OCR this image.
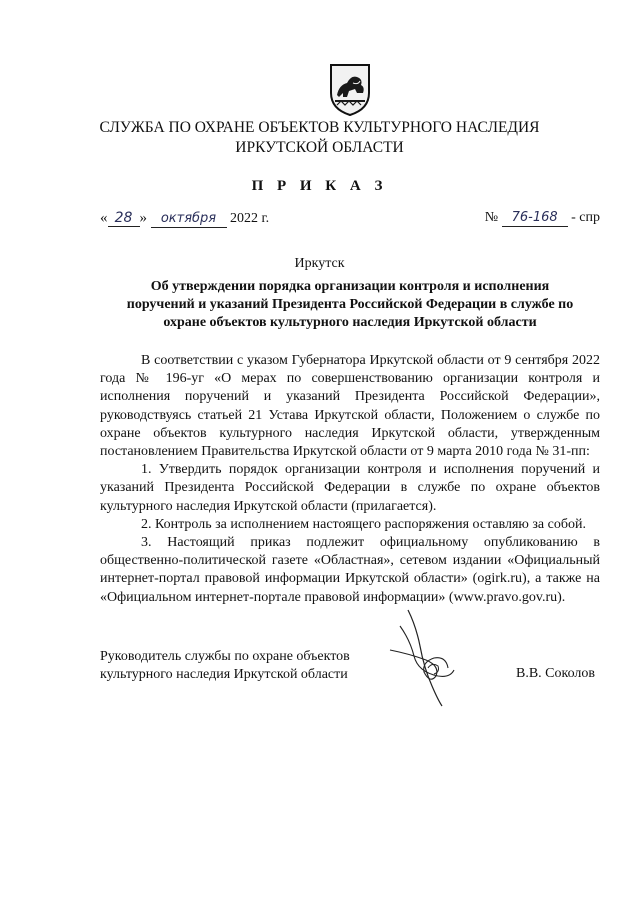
СЛУЖБА ПО ОХРАНЕ ОБЪЕКТОВ КУЛЬТУРНОГО НАСЛЕДИЯ
ИРКУТСКОЙ ОБЛАСТИ
П Р И К А З
« 28 » октября 2022 г.	№ 76-168 - спр
Иркутск
Об утверждении порядка организации контроля и исполнения
поручений и указаний Президента Российской Федерации в службе по
охране объектов культурного наследия Иркутской области

В соответствии с указом Губернатора Иркутской области от 9 сентября 2022 года № 196-уг «О мерах по совершенствованию организации контроля и исполнения поручений и указаний Президента Российской Федерации», руководствуясь статьей 21 Устава Иркутской области, Положением о службе по охране объектов культурного наследия Иркутской области, утвержденным постановлением Правительства Иркутской области от 9 марта 2010 года № 31-пп:

1. Утвердить порядок организации контроля и исполнения поручений и указаний Президента Российской Федерации в службе по охране объектов культурного наследия Иркутской области (прилагается).

2. Контроль за исполнением настоящего распоряжения оставляю за собой.

3. Настоящий приказ подлежит официальному опубликованию в общественно-политической газете «Областная», сетевом издании «Официальный интернет-портал правовой информации Иркутской области» (ogirk.ru), а также на «Официальном интернет-портале правовой информации» (www.pravo.gov.ru).

Руководитель службы по охране объектов
культурного наследия Иркутской области	В.В. Соколов
